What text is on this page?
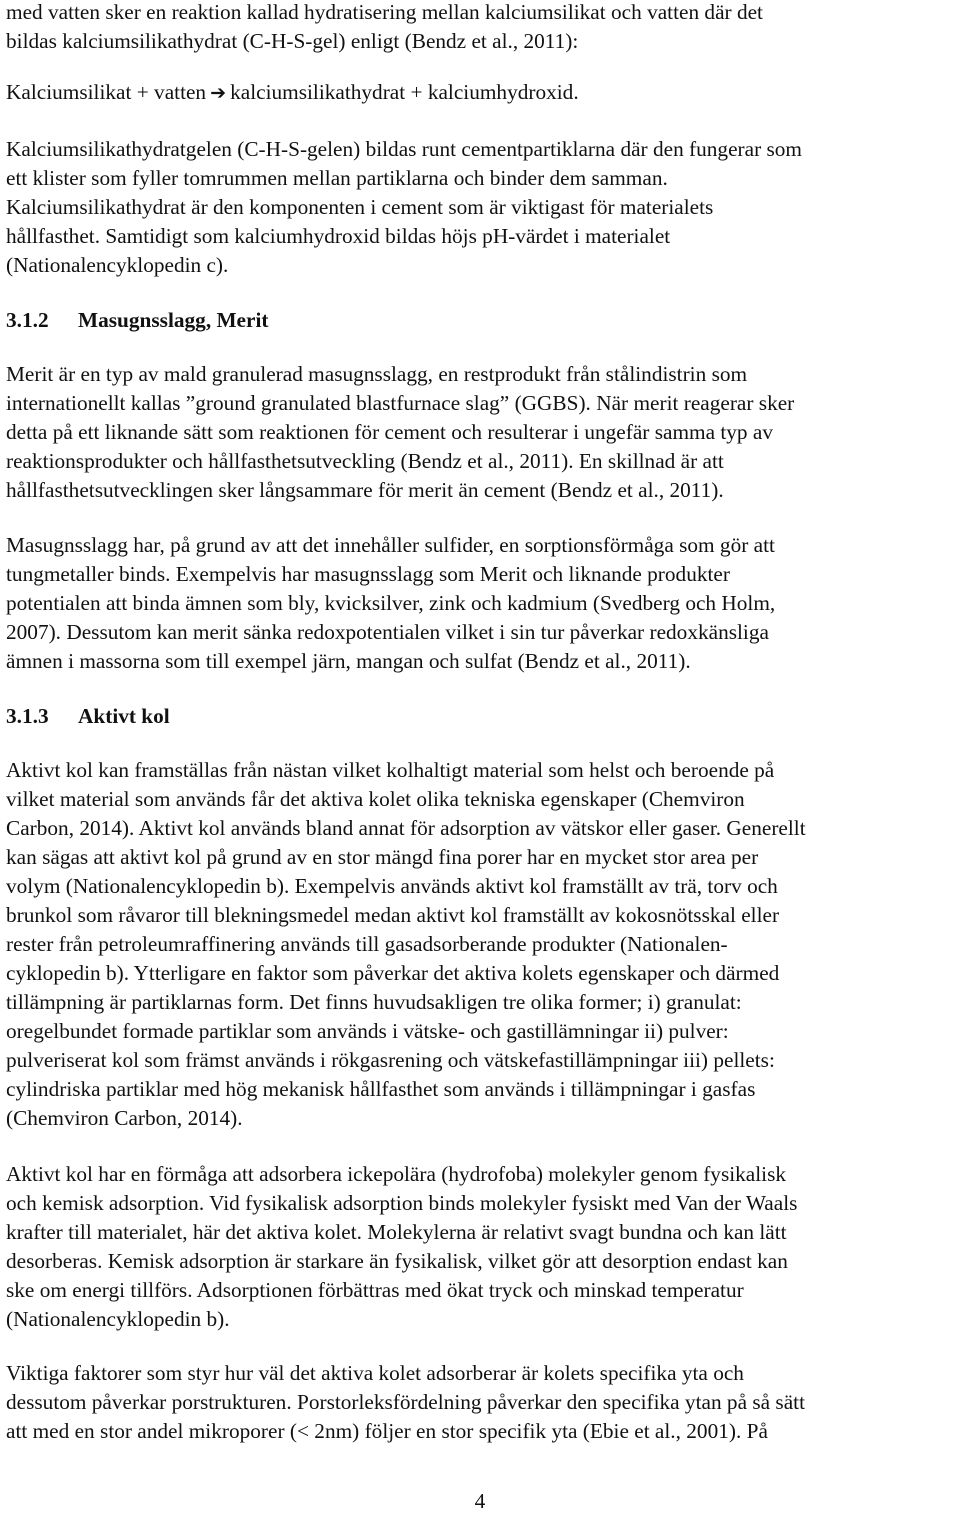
med vatten sker en reaktion kallad hydratisering mellan kalciumsilikat och vatten där det
bildas kalciumsilikathydrat (C-H-S-gel) enligt (Bendz et al., 2011):
Kalciumsilikat + vatten ➔ kalciumsilikathydrat + kalciumhydroxid.
Kalciumsilikathydratgelen (C-H-S-gelen) bildas runt cementpartiklarna där den fungerar som
ett klister som fyller tomrummen mellan partiklarna och binder dem samman.
Kalciumsilikathydrat är den komponenten i cement som är viktigast för materialets
hållfasthet. Samtidigt som kalciumhydroxid bildas höjs pH-värdet i materialet
(Nationalencyklopedin c).
3.1.2 Masugnsslagg, Merit
Merit är en typ av mald granulerad masugnsslagg, en restprodukt från stålindistrin som
internationellt kallas ”ground granulated blastfurnace slag” (GGBS). När merit reagerar sker
detta på ett liknande sätt som reaktionen för cement och resulterar i ungefär samma typ av
reaktionsprodukter och hållfasthetsutveckling (Bendz et al., 2011). En skillnad är att
hållfasthetsutvecklingen sker långsammare för merit än cement (Bendz et al., 2011).
Masugnsslagg har, på grund av att det innehåller sulfider, en sorptionsförmåga som gör att
tungmetaller binds. Exempelvis har masugnsslagg som Merit och liknande produkter
potentialen att binda ämnen som bly, kvicksilver, zink och kadmium (Svedberg och Holm,
2007). Dessutom kan merit sänka redoxpotentialen vilket i sin tur påverkar redoxkänsliga
ämnen i massorna som till exempel järn, mangan och sulfat (Bendz et al., 2011).
3.1.3 Aktivt kol
Aktivt kol kan framställas från nästan vilket kolhaltigt material som helst och beroende på
vilket material som används får det aktiva kolet olika tekniska egenskaper (Chemviron
Carbon, 2014). Aktivt kol används bland annat för adsorption av vätskor eller gaser. Generellt
kan sägas att aktivt kol på grund av en stor mängd fina porer har en mycket stor area per
volym (Nationalencyklopedin b). Exempelvis används aktivt kol framställt av trä, torv och
brunkol som råvaror till blekningsmedel medan aktivt kol framställt av kokosnötsskal eller
rester från petroleumraffinering används till gasadsorberande produkter (Nationalen-
cyklopedin b). Ytterligare en faktor som påverkar det aktiva kolets egenskaper och därmed
tillämpning är partiklarnas form. Det finns huvudsakligen tre olika former; i) granulat:
oregelbundet formade partiklar som används i vätske- och gastillämningar ii) pulver:
pulveriserat kol som främst används i rökgasrening och vätskefastillämpningar iii) pellets:
cylindriska partiklar med hög mekanisk hållfasthet som används i tillämpningar i gasfas
(Chemviron Carbon, 2014).
Aktivt kol har en förmåga att adsorbera ickepolära (hydrofoba) molekyler genom fysikalisk
och kemisk adsorption. Vid fysikalisk adsorption binds molekyler fysiskt med Van der Waals
krafter till materialet, här det aktiva kolet. Molekylerna är relativt svagt bundna och kan lätt
desorberas. Kemisk adsorption är starkare än fysikalisk, vilket gör att desorption endast kan
ske om energi tillförs. Adsorptionen förbättras med ökat tryck och minskad temperatur
(Nationalencyklopedin b).
Viktiga faktorer som styr hur väl det aktiva kolet adsorberar är kolets specifika yta och
dessutom påverkar porstrukturen. Porstorleksfördelning påverkar den specifika ytan på så sätt
att med en stor andel mikroporer (< 2nm) följer en stor specifik yta (Ebie et al., 2001). På
4
